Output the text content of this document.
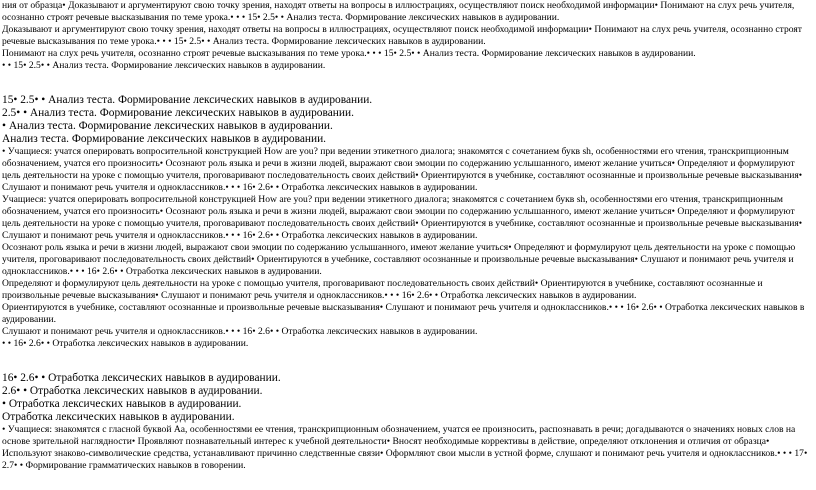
ния от образца• Доказывают и аргументируют свою точку зрения, находят ответы на вопросы в иллюстрациях, осуществляют поиск необходимой информации• Понимают на слух речь учителя, осознанно строят речевые высказывания по теме урока.• • • 15• 2.5• • Анализ теста. Формирование лексических навыков в аудировании.

Доказывают и аргументируют свою точку зрения, находят ответы на вопросы в иллюстрациях, осуществляют поиск необходимой информации• Понимают на слух речь учителя, осознанно строят речевые высказывания по теме урока.• • • 15• 2.5• • Анализ теста. Формирование лексических навыков в аудировании.

Понимают на слух речь учителя, осознанно строят речевые высказывания по теме урока.• • • 15• 2.5• • Анализ теста. Формирование лексических навыков в аудировании.

• • 15• 2.5• • Анализ теста. Формирование лексических навыков в аудировании.

15• 2.5• • Анализ теста. Формирование лексических навыков в аудировании.

2.5• • Анализ теста. Формирование лексических навыков в аудировании.

• Анализ теста. Формирование лексических навыков в аудировании.

Анализ теста. Формирование лексических навыков в аудировании.

• Учащиеся: учатся оперировать вопросительной конструкцией How are you? при ведении этикетного диалога; знакомятся с сочетанием букв sh, особенностями его чтения, транскрипционным обозначением, учатся его произносить• Осознают роль языка и речи в жизни людей, выражают свои эмоции по содержанию услышанного, имеют желание учиться• Определяют и формулируют цель деятельности на уроке с помощью учителя, проговаривают последовательность своих действий• Ориентируются в учебнике, составляют осознанные и произвольные речевые высказывания• Слушают и понимают речь учителя и одноклассников.• • • 16• 2.6• • Отработка лексических навыков в аудировании.

Учащиеся: учатся оперировать вопросительной конструкцией How are you? при ведении этикетного диалога; знакомятся с сочетанием букв sh, особенностями его чтения, транскрипционным обозначением, учатся его произносить• Осознают роль языка и речи в жизни людей, выражают свои эмоции по содержанию услышанного, имеют желание учиться• Определяют и формулируют цель деятельности на уроке с помощью учителя, проговаривают последовательность своих действий• Ориентируются в учебнике, составляют осознанные и произвольные речевые высказывания• Слушают и понимают речь учителя и одноклассников.• • • 16• 2.6• • Отработка лексических навыков в аудировании.

Осознают роль языка и речи в жизни людей, выражают свои эмоции по содержанию услышанного, имеют желание учиться• Определяют и формулируют цель деятельности на уроке с помощью учителя, проговаривают последовательность своих действий• Ориентируются в учебнике, составляют осознанные и произвольные речевые высказывания• Слушают и понимают речь учителя и одноклассников.• • • 16• 2.6• • Отработка лексических навыков в аудировании.

Определяют и формулируют цель деятельности на уроке с помощью учителя, проговаривают последовательность своих действий• Ориентируются в учебнике, составляют осознанные и произвольные речевые высказывания• Слушают и понимают речь учителя и одноклассников.• • • 16• 2.6• • Отработка лексических навыков в аудировании.

Ориентируются в учебнике, составляют осознанные и произвольные речевые высказывания• Слушают и понимают речь учителя и одноклассников.• • • 16• 2.6• • Отработка лексических навыков в аудировании.

Слушают и понимают речь учителя и одноклассников.• • • 16• 2.6• • Отработка лексических навыков в аудировании.

• • 16• 2.6• • Отработка лексических навыков в аудировании.

16• 2.6• • Отработка лексических навыков в аудировании.

2.6• • Отработка лексических навыков в аудировании.

• Отработка лексических навыков в аудировании.

Отработка лексических навыков в аудировании.

• Учащиеся: знакомятся с гласной буквой Aa, особенностями ее чтения, транскрипционным обозначением, учатся ее произносить, распознавать в речи; догадываются о значениях новых слов на основе зрительной наглядности• Проявляют познавательный интерес к учебной деятельности• Вносят необходимые коррективы в действие, определяют отклонения и отличия от образца• Используют знаково-символические средства, устанавливают причинно следственные связи• Оформляют свои мысли в устной форме, слушают и понимают речь учителя и одноклассников.• • • 17• 2.7• • Формирование грамматических навыков в говорении.
